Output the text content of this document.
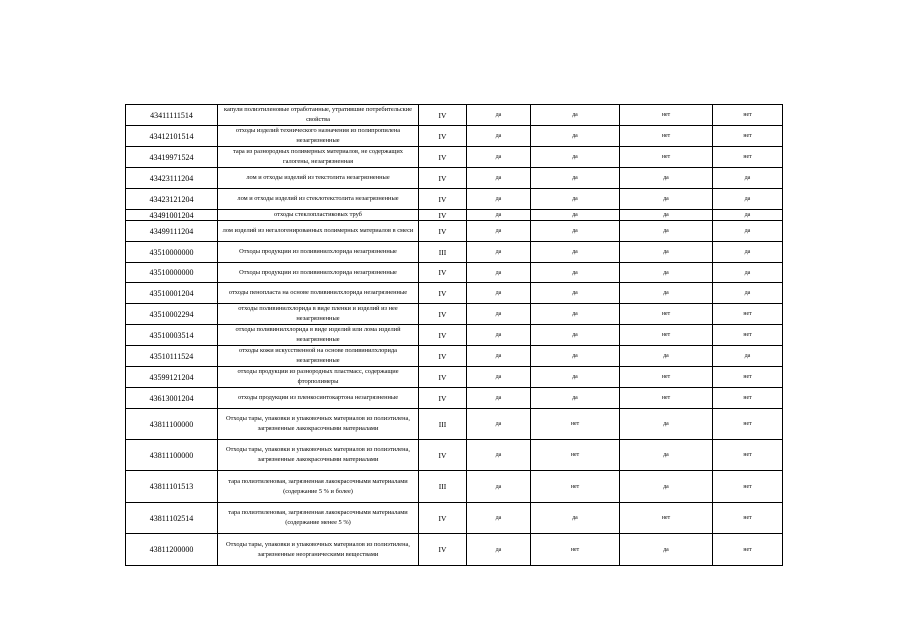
43411111514	капули полиэтиленовые отработанные, утратившие потребительские свойства	IV	да	да	нет	нет
43412101514	отходы изделий технического назначения из полипропилена незагрязненные	IV	да	да	нет	нет
43419971524	тара из разнородных полимерных материалов, не содержащих галогены, незагрязненная	IV	да	да	нет	нет
43423111204	лом и отходы изделий из текстолита незагрязненные	IV	да	да	да	да
43423121204	лом и отходы изделий из стеклотекстолита незагрязненные	IV	да	да	да	да
43491001204	отходы стеклопластиковых труб	IV	да	да	да	да
43499111204	лом изделий из негалогенированных полимерных материалов в смеси	IV	да	да	да	да
43510000000	Отходы продукции из поливинилхлорида незагрязненные	III	да	да	да	да
43510000000	Отходы продукции из поливинилхлорида незагрязненные	IV	да	да	да	да
43510001204	отходы пенопласта на основе поливинилхлорида незагрязненные	IV	да	да	да	да
43510002294	отходы поливинилхлорида в виде пленки и изделий из нее незагрязненные	IV	да	да	нет	нет
43510003514	отходы поливинилхлорида в виде изделий или лома изделий незагрязненные	IV	да	да	нет	нет
43510111524	отходы кожи искусственной на основе поливинилхлорида незагрязненные	IV	да	да	да	да
43599121204	отходы продукции из разнородных пластмасс, содержащие фторполимеры	IV	да	да	нет	нет
43613001204	отходы продукции из пленкосинтокартона незагрязненные	IV	да	да	нет	нет
43811100000	Отходы тары, упаковки и упаковочных материалов из полиэтилена, загрязненные лакокрасочными материалами	III	да	нет	да	нет
43811100000	Отходы тары, упаковки и упаковочных материалов из полиэтилена, загрязненные лакокрасочными материалами	IV	да	нет	да	нет
43811101513	тара полиэтиленовая, загрязненная лакокрасочными материалами (содержание 5 % и более)	III	да	нет	да	нет
43811102514	тара полиэтиленовая, загрязненная лакокрасочными материалами (содержание менее 5 %)	IV	да	да	нет	нет
43811200000	Отходы тары, упаковки и упаковочных материалов из полиэтилена, загрязненные неорганическими веществами	IV	да	нет	да	нет
